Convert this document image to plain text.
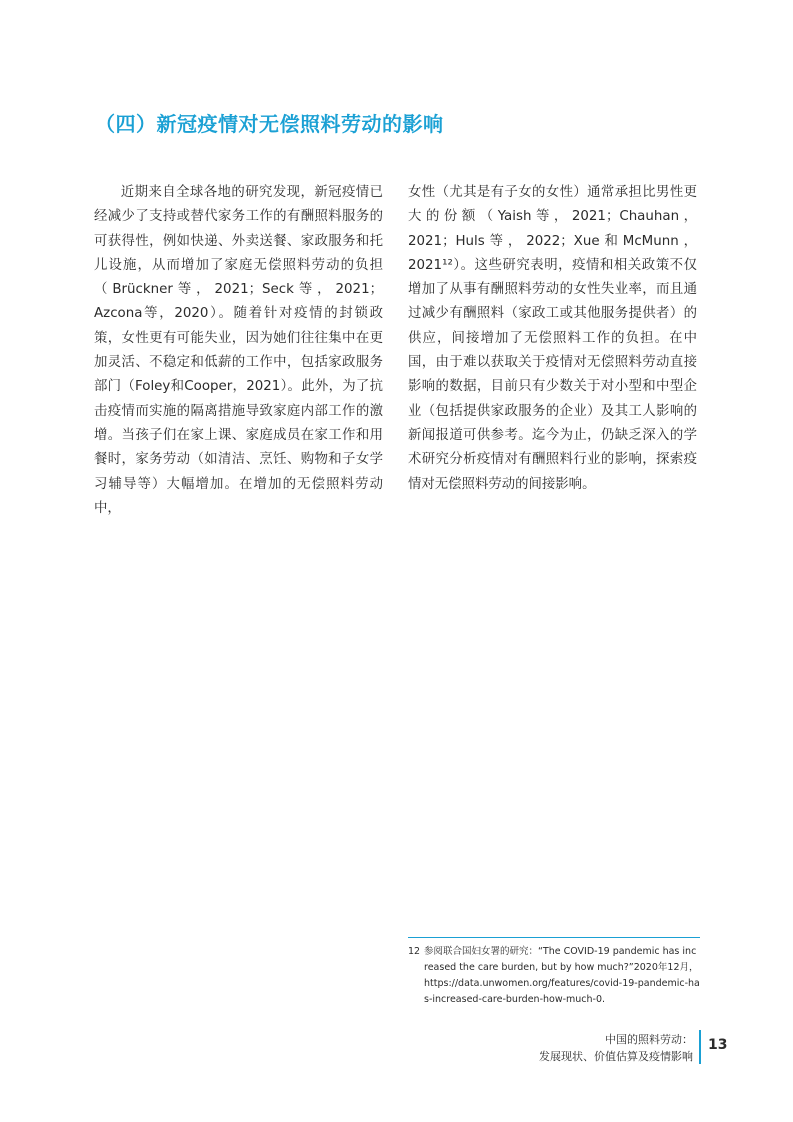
（四）新冠疫情对无偿照料劳动的影响

近期来自全球各地的研究发现，新冠疫情已经减少了支持或替代家务工作的有酬照料服务的可获得性，例如快递、外卖送餐、家政服务和托儿设施，从而增加了家庭无偿照料劳动的负担（Brückner等，2021；Seck等，2021；Azcona等，2020）。随着针对疫情的封锁政策，女性更有可能失业，因为她们往往集中在更加灵活、不稳定和低薪的工作中，包括家政服务部门（Foley和Cooper，2021）。此外，为了抗击疫情而实施的隔离措施导致家庭内部工作的激增。当孩子们在家上课、家庭成员在家工作和用餐时，家务劳动（如清洁、烹饪、购物和子女学习辅导等）大幅增加。在增加的无偿照料劳动中，

女性（尤其是有子女的女性）通常承担比男性更大的份额（Yaish等，2021；Chauhan，2021；Huls等，2022；Xue和McMunn，2021¹²）。这些研究表明，疫情和相关政策不仅增加了从事有酬照料劳动的女性失业率，而且通过减少有酬照料（家政工或其他服务提供者）的供应，间接增加了无偿照料工作的负担。在中国，由于难以获取关于疫情对无偿照料劳动直接影响的数据，目前只有少数关于对小型和中型企业（包括提供家政服务的企业）及其工人影响的新闻报道可供参考。迄今为止，仍缺乏深入的学术研究分析疫情对有酬照料行业的影响，探索疫情对无偿照料劳动的间接影响。

12 参阅联合国妇女署的研究：“The COVID-19 pandemic has increased the care burden, but by how much?”2020年12月，https://data.unwomen.org/features/covid-19-pandemic-has-increased-care-burden-how-much-0.
中国的照料劳动：
发展现状、价值估算及疫情影响
13
